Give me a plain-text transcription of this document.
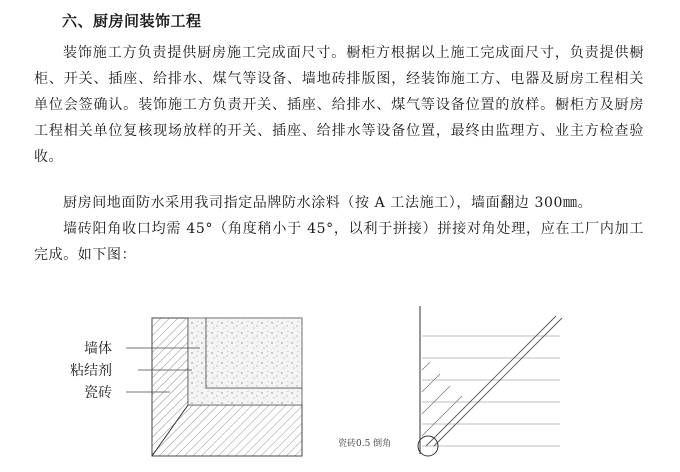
六、厨房间装饰工程

装饰施工方负责提供厨房施工完成面尺寸。橱柜方根据以上施工完成面尺寸，负责提供橱柜、开关、插座、给排水、煤气等设备、墙地砖排版图，经装饰施工方、电器及厨房工程相关单位会签确认。装饰施工方负责开关、插座、给排水、煤气等设备位置的放样。橱柜方及厨房工程相关单位复核现场放样的开关、插座、给排水等设备位置，最终由监理方、业主方检查验收。

厨房间地面防水采用我司指定品牌防水涂料（按 A 工法施工），墙面翻边 300㎜。

墙砖阳角收口均需 45°（角度稍小于 45°，以利于拼接）拼接对角处理，应在工厂内加工完成。如下图：

墙体
粘结剂
瓷砖
瓷砖0.5 倒角
